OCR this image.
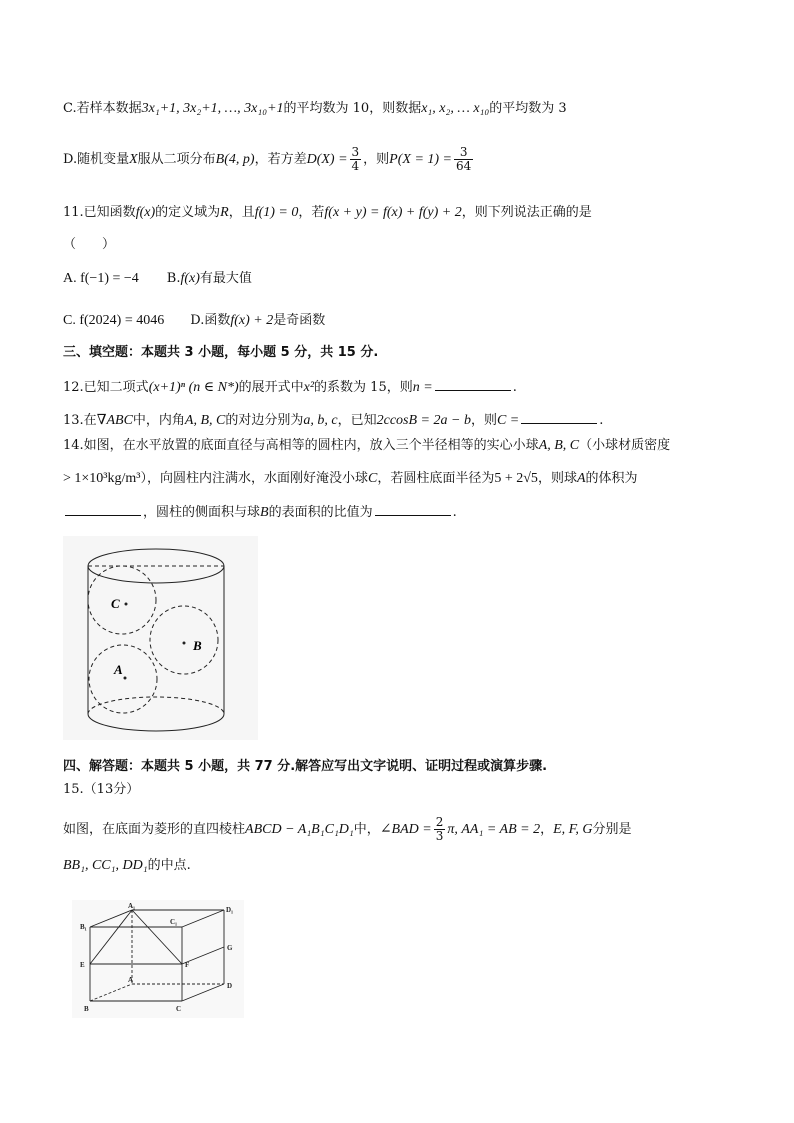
C.若样本数据3x₁+1, 3x₂+1, …, 3x₁₀+1的平均数为 10，则数据x₁, x₂, … x₁₀的平均数为 3
D.随机变量X服从二项分布B(4, p)，若方差$D(X) = \frac{3}{4}$ ，则$P(X = 1) = \frac{3}{64}$
11.已知函数f(x)的定义域为R，且f(1) = 0，若f(x + y) = f(x) + f(y) + 2，则下列说法正确的是
（　　）
A. f(−1) = −4 B.f(x)有最大值
C. f(2024) = 4046 D.函数f(x) + 2是奇函数
三、填空题：本题共 3 小题，每小题 5 分，共 15 分.
12.已知二项式(x+1)ⁿ (n ∈ N*)的展开式中x²的系数为 15，则n =	.
13.在∇ABC中，内角A, B, C的对边分别为a, b, c，已知2ccosB = 2a − b，则C =	.
14.如图，在水平放置的底面直径与高相等的圆柱内，放入三个半径相等的实心小球A, B, C（小球材质密度
> 1×10³kg/m³），向圆柱内注满水，水面刚好淹没小球C，若圆柱底面半径为5 + 2√5，则球A的体积为
，圆柱的侧面积与球B的表面积的比值为	.
C
B
A
四、解答题：本题共 5 小题，共 77 分.解答应写出文字说明、证明过程或演算步骤.
15.（13分）
如图，在底面为菱形的直四棱柱ABCD − A₁B₁C₁D₁中，∠BAD = $\frac{2}{3} \pi$, AA₁ = AB = 2，E, F, G分别是
BB₁, CC₁, DD₁的中点.
A₁
B₁
C₁
D₁
E	F
G
A
B	C
D
